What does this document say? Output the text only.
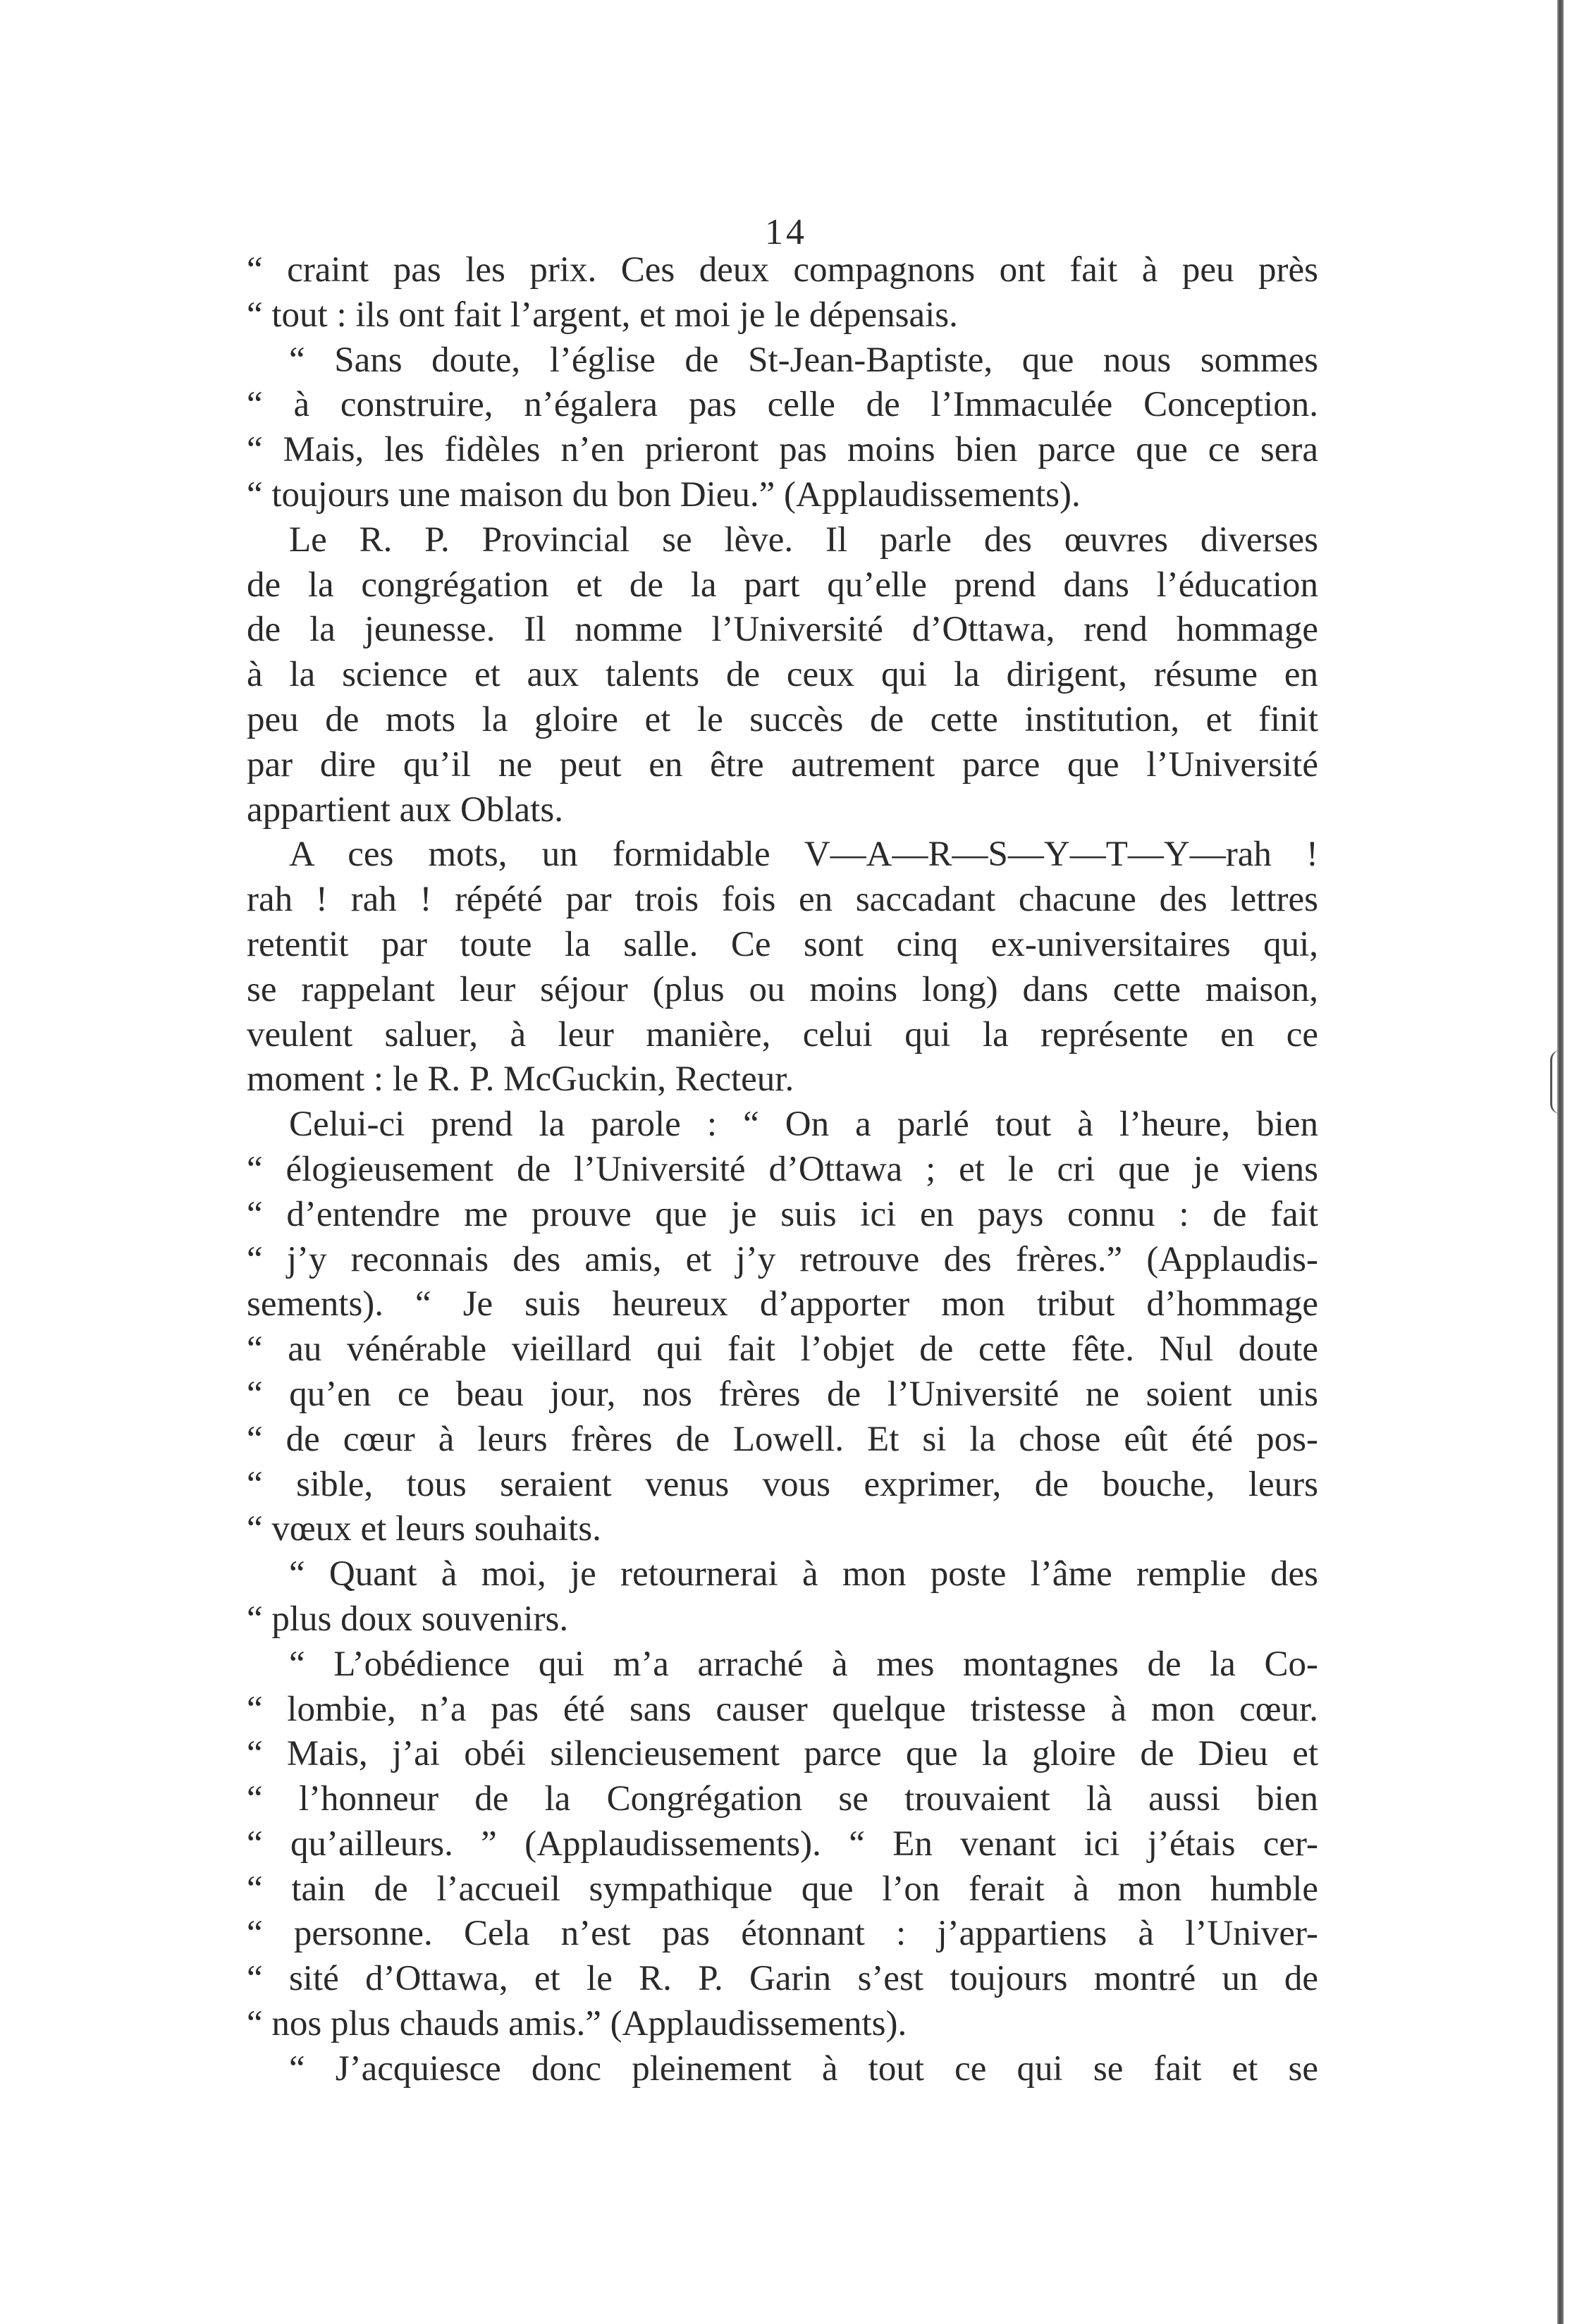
14
“ craint pas les prix. Ces deux compagnons ont fait à peu près
“ tout : ils ont fait l’argent, et moi je le dépensais.
“ Sans doute, l’église de St-Jean-Baptiste, que nous sommes
“ à construire, n’égalera pas celle de l’Immaculée Conception.
“ Mais, les fidèles n’en prieront pas moins bien parce que ce sera
“ toujours une maison du bon Dieu.” (Applaudissements).
Le R. P. Provincial se lève. Il parle des œuvres diverses
de la congrégation et de la part qu’elle prend dans l’éducation
de la jeunesse. Il nomme l’Université d’Ottawa, rend hommage
à la science et aux talents de ceux qui la dirigent, résume en
peu de mots la gloire et le succès de cette institution, et finit
par dire qu’il ne peut en être autrement parce que l’Université
appartient aux Oblats.
A ces mots, un formidable V—A—R—S—Y—T—Y—rah !
rah ! rah ! répété par trois fois en saccadant chacune des lettres
retentit par toute la salle. Ce sont cinq ex-universitaires qui,
se rappelant leur séjour (plus ou moins long) dans cette maison,
veulent saluer, à leur manière, celui qui la représente en ce
moment : le R. P. McGuckin, Recteur.
Celui-ci prend la parole : “ On a parlé tout à l’heure, bien
“ élogieusement de l’Université d’Ottawa ; et le cri que je viens
“ d’entendre me prouve que je suis ici en pays connu : de fait
“ j’y reconnais des amis, et j’y retrouve des frères.” (Applaudis-
sements). “ Je suis heureux d’apporter mon tribut d’hommage
“ au vénérable vieillard qui fait l’objet de cette fête. Nul doute
“ qu’en ce beau jour, nos frères de l’Université ne soient unis
“ de cœur à leurs frères de Lowell. Et si la chose eût été pos-
“ sible, tous seraient venus vous exprimer, de bouche, leurs
“ vœux et leurs souhaits.
“ Quant à moi, je retournerai à mon poste l’âme remplie des
“ plus doux souvenirs.
“ L’obédience qui m’a arraché à mes montagnes de la Co-
“ lombie, n’a pas été sans causer quelque tristesse à mon cœur.
“ Mais, j’ai obéi silencieusement parce que la gloire de Dieu et
“ l’honneur de la Congrégation se trouvaient là aussi bien
“ qu’ailleurs. ” (Applaudissements). “ En venant ici j’étais cer-
“ tain de l’accueil sympathique que l’on ferait à mon humble
“ personne. Cela n’est pas étonnant : j’appartiens à l’Univer-
“ sité d’Ottawa, et le R. P. Garin s’est toujours montré un de
“ nos plus chauds amis.” (Applaudissements).
“ J’acquiesce donc pleinement à tout ce qui se fait et se
